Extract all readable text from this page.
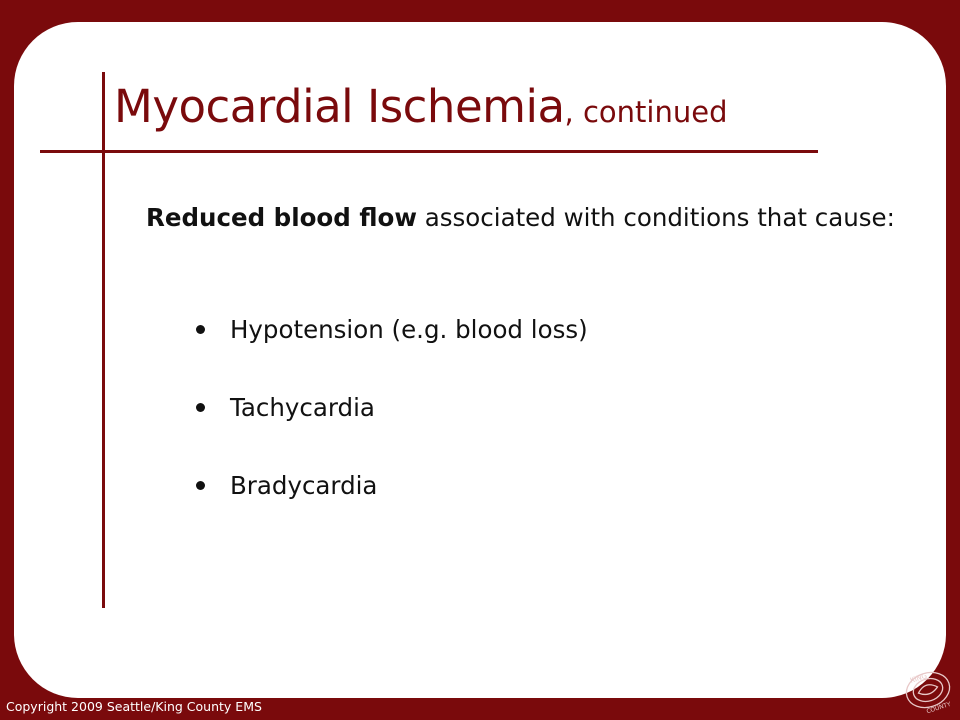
Myocardial Ischemia, continued

Reduced blood flow associated with conditions that cause:

Hypotension (e.g. blood loss)
Tachycardia
Bradycardia
Copyright 2009 Seattle/King County EMS
KING
COUNTY
